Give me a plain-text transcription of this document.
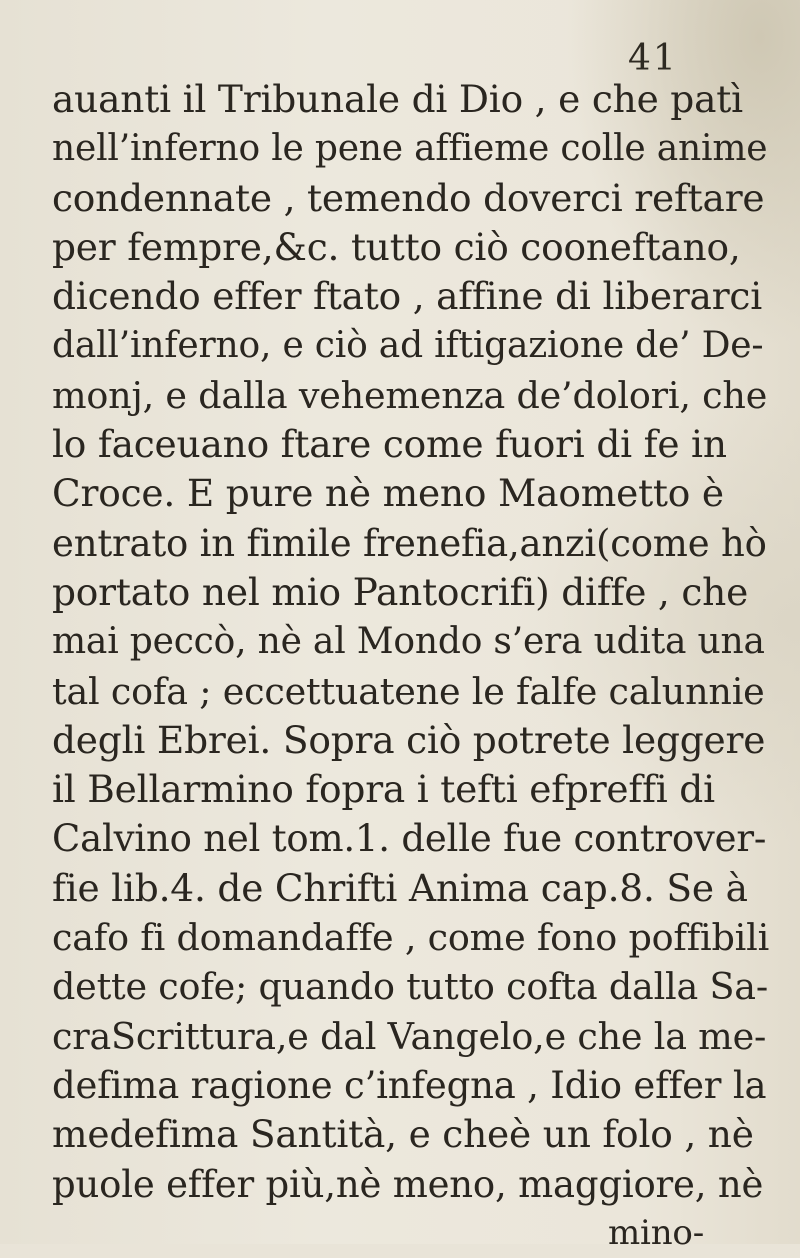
41
auanti il Tribunale di Dio , e che patì
nell’inferno le pene affieme colle anime
condennate , temendo doverci reftare
per fempre,&c. tutto ciò cooneftano,
dicendo effer ftato , affine di liberarci
dall’inferno, e ciò ad iftigazione de’ De-
monj, e dalla vehemenza de’dolori, che
lo faceuano ftare come fuori di fe in
Croce. E pure nè meno Maometto è
entrato in fimile frenefia,anzi(come hò
portato nel mio Pantocrifi) diffe , che
mai peccò, nè al Mondo s’era udita una
tal cofa ; eccettuatene le falfe calunnie
degli Ebrei. Sopra ciò potrete leggere
il Bellarmino fopra i tefti efpreffi di
Calvino nel tom.1. delle fue controver-
fie lib.4. de Chrifti Anima cap.8. Se à
cafo fi domandaffe , come fono poffibili
dette cofe; quando tutto cofta dalla Sa-
craScrittura,e dal Vangelo,e che la me-
defima ragione c’infegna , Idio effer la
medefima Santità, e cheè un folo , nè
puole effer più,nè meno, maggiore, nè
mino-
